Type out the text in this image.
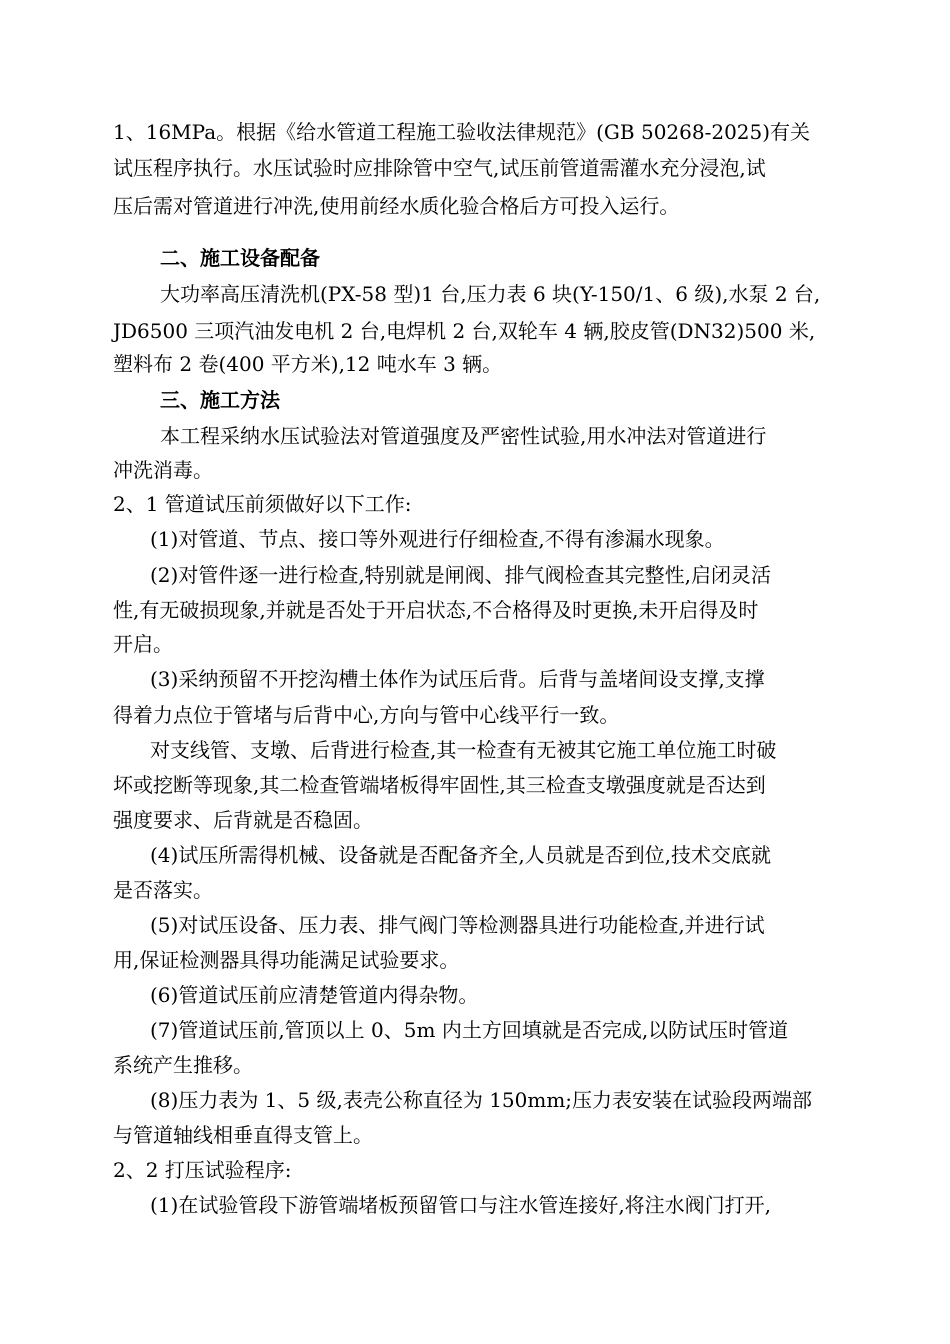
1、16MPa。根据《给水管道工程施工验收法律规范》(GB 50268-2025)有关
试压程序执行。水压试验时应排除管中空气,试压前管道需灌水充分浸泡,试
压后需对管道进行冲洗,使用前经水质化验合格后方可投入运行。
二、施工设备配备
大功率高压清洗机(PX-58 型)1 台,压力表 6 块(Y-150/1、6 级),水泵 2 台,
JD6500 三项汽油发电机 2 台,电焊机 2 台,双轮车 4 辆,胶皮管(DN32)500 米,
塑料布 2 卷(400 平方米),12 吨水车 3 辆。
三、施工方法
本工程采纳水压试验法对管道强度及严密性试验,用水冲法对管道进行
冲洗消毒。
2、1 管道试压前须做好以下工作:
(1)对管道、节点、接口等外观进行仔细检查,不得有渗漏水现象。
(2)对管件逐一进行检查,特别就是闸阀、排气阀检查其完整性,启闭灵活
性,有无破损现象,并就是否处于开启状态,不合格得及时更换,未开启得及时
开启。
(3)采纳预留不开挖沟槽土体作为试压后背。后背与盖堵间设支撑,支撑
得着力点位于管堵与后背中心,方向与管中心线平行一致。
对支线管、支墩、后背进行检查,其一检查有无被其它施工单位施工时破
坏或挖断等现象,其二检查管端堵板得牢固性,其三检查支墩强度就是否达到
强度要求、后背就是否稳固。
(4)试压所需得机械、设备就是否配备齐全,人员就是否到位,技术交底就
是否落实。
(5)对试压设备、压力表、排气阀门等检测器具进行功能检查,并进行试
用,保证检测器具得功能满足试验要求。
(6)管道试压前应清楚管道内得杂物。
(7)管道试压前,管顶以上 0、5m 内土方回填就是否完成,以防试压时管道
系统产生推移。
(8)压力表为 1、5 级,表壳公称直径为 150mm;压力表安装在试验段两端部
与管道轴线相垂直得支管上。
2、2 打压试验程序:
(1)在试验管段下游管端堵板预留管口与注水管连接好,将注水阀门打开,
